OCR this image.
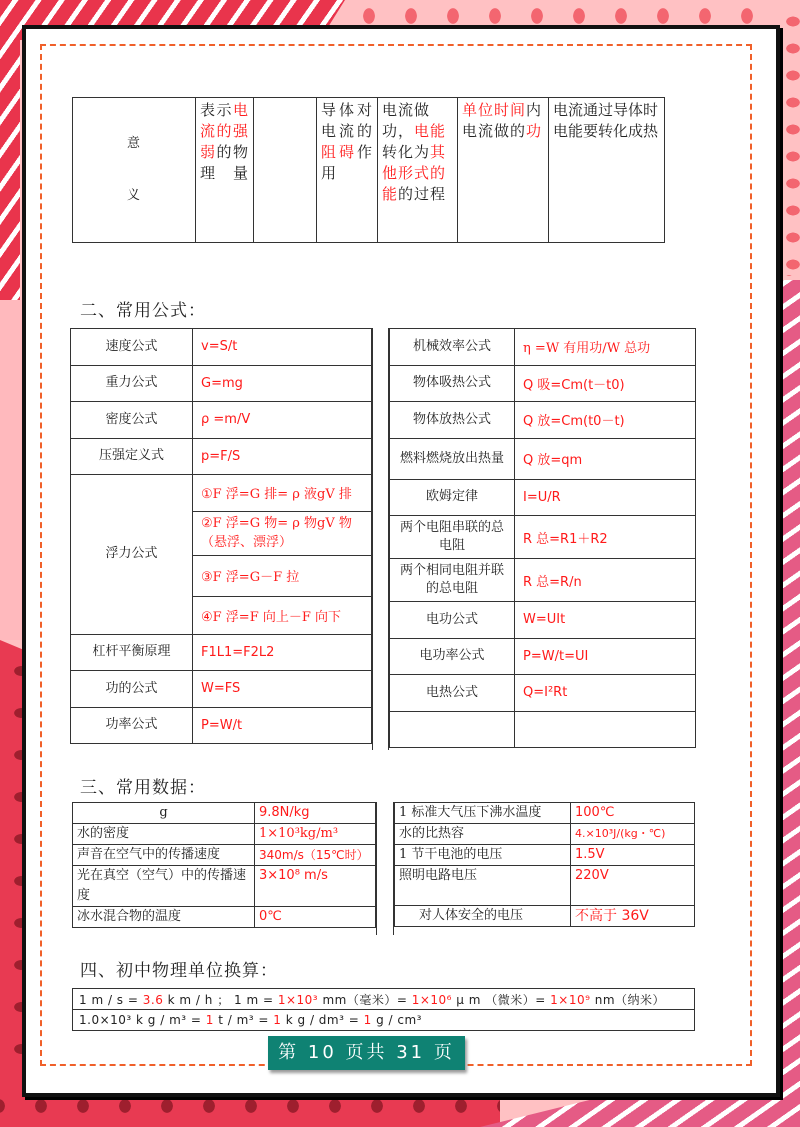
意
义
	表示电流的强弱的物理量		导体对电流的阻碍作用	电流做功，电能转化为其他形式的能的过程	单位时间内电流做的功	电流通过导体时电能要转化成热
二、常用公式：
速度公式	v=S/t
重力公式	G=mg
密度公式	ρ =m/V
压强定义式	p=F/S
浮力公式	①F 浮=G 排= ρ 液gV 排
	②F 浮=G 物= ρ 物gV 物（悬浮、漂浮）
	③F 浮=G－F 拉
	④F 浮=F 向上－F 向下
杠杆平衡原理	F1L1=F2L2
功的公式	W=FS
功率公式	P=W/t
机械效率公式	η =W 有用功/W 总功
物体吸热公式	Q 吸=Cm(t－t0)
物体放热公式	Q 放=Cm(t0－t)
燃料燃烧放出热量	Q 放=qm
欧姆定律	I=U/R
两个电阻串联的总电阻	R 总=R1＋R2
两个相同电阻并联的总电阻	R 总=R/n
电功公式	W=UIt
电功率公式	P=W/t=UI
电热公式	Q=I²Rt

三、常用数据：
g	9.8N/kg
水的密度	1×10³kg/m³
声音在空气中的传播速度	340m/s（15℃时）
光在真空（空气）中的传播速度	3×10⁸ m/s
冰水混合物的温度	0℃
1 标准大气压下沸水温度	100℃
水的比热容	4.×10³J/(kg・℃)
1 节干电池的电压	1.5V
照明电路电压	220V
对人体安全的电压	不高于 36V
四、初中物理单位换算：
1 m / s = 3.6 k m / h ； 1 m = 1×10³ mm（毫米）= 1×10⁶ μ m （微米）= 1×10⁹ nm（纳米）
1.0×10³ k g / m³ = 1 t / m³ = 1 k g / dm³ = 1 g / cm³
第 10 页共 31 页
